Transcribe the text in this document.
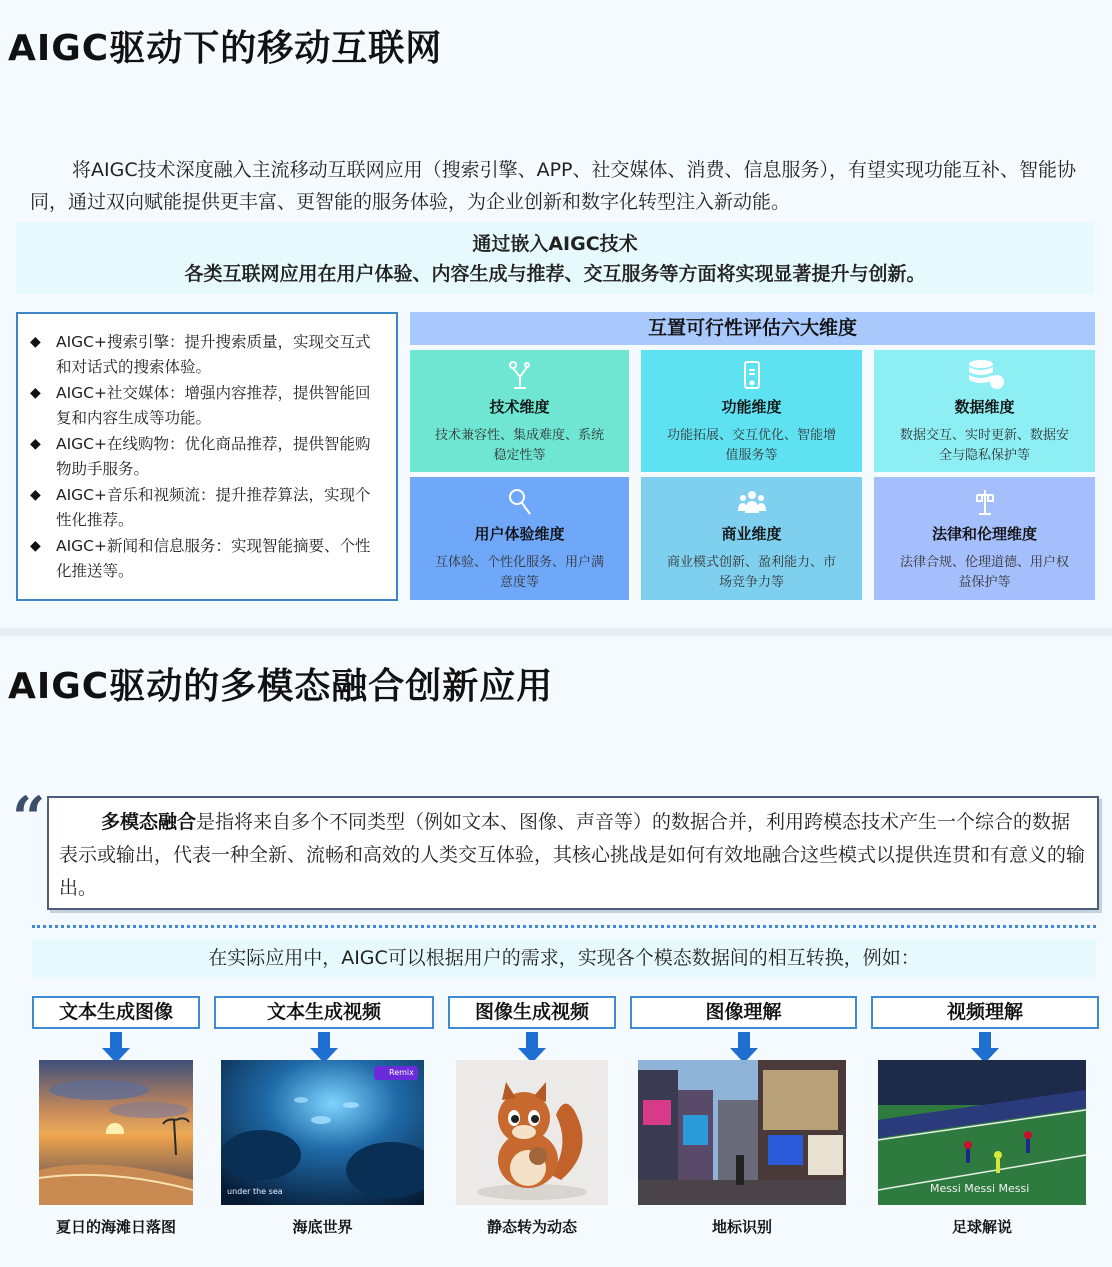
AIGC驱动下的移动互联网

将AIGC技术深度融入主流移动互联网应用（搜索引擎、APP、社交媒体、消费、信息服务），有望实现功能互补、智能协同，通过双向赋能提供更丰富、更智能的服务体验，为企业创新和数字化转型注入新动能。

通过嵌入AIGC技术
各类互联网应用在用户体验、内容生成与推荐、交互服务等方面将实现显著提升与创新。
◆ AIGC+搜索引擎：提升搜索质量，实现交互式和对话式的搜索体验。
◆ AIGC+社交媒体：增强内容推荐，提供智能回复和内容生成等功能。
◆ AIGC+在线购物：优化商品推荐，提供智能购物助手服务。
◆ AIGC+音乐和视频流：提升推荐算法，实现个性化推荐。
◆ AIGC+新闻和信息服务：实现智能摘要、个性化推送等。
互置可行性评估六大维度
技术维度
技术兼容性、集成难度、系统稳定性等
功能维度
功能拓展、交互优化、智能增值服务等
数据维度
数据交互、实时更新、数据安全与隐私保护等
用户体验维度
互体验、个性化服务、用户满意度等
商业维度
商业模式创新、盈利能力、市场竞争力等
法律和伦理维度
法律合规、伦理道德、用户权益保护等
AIGC驱动的多模态融合创新应用
“	多模态融合是指将来自多个不同类型（例如文本、图像、声音等）的数据合并，利用跨模态技术产生一个综合的数据表示或输出，代表一种全新、流畅和高效的人类交互体验，其核心挑战是如何有效地融合这些模式以提供连贯和有意义的输出。
在实际应用中，AIGC可以根据用户的需求，实现各个模态数据间的相互转换，例如：
文本生成图像	文本生成视频	图像生成视频	图像理解	视频理解
Remix
under the sea	Messi Messi Messi
夏日的海滩日落图	海底世界	静态转为动态	地标识别	足球解说
